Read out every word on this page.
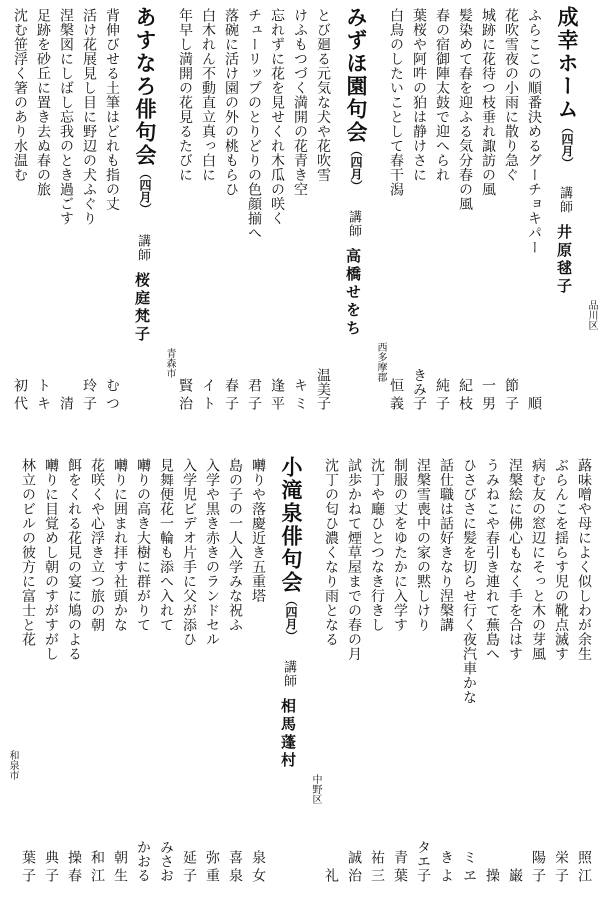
成幸ホーム（四月）
講師井原毬子
品川区
ふらここの順番決めるグーチョキパー
順
花吹雪夜の小雨に散り急ぐ
節子
城跡に花待つ枝垂れ諏訪の風
一男
髪染めて春を迎ふる気分春の風
紀枝
春の宿御陣太鼓で迎へられ
純子
葉桜や阿吽の狛は静けさに
きみ子
白鳥のしたいことして春干潟
恒義
みずほ園句会（四月）
講師高橋せをち
西多摩郡
とび廻る元気な犬や花吹雪
温美子
けふもつづく満開の花青き空
キミ
忘れずに花を見せくれ木瓜の咲く
逢平
チューリップのとりどりの色顔揃へ
君子
落碗に活け園の外の桃もらひ
春子
白木れん不動直立真っ白に
イト
年早し満開の花見るたびに
賢治
あすなろ俳句会（四月）
講師桜庭梵子
青森市
背伸びせる土筆はどれも指の丈
むつ
活け花展見し目に野辺の犬ふぐり
玲子
涅槃図にしばし忘我のとき過ごす
清
足跡を砂丘に置き去ぬ春の旅
トキ
沈む笹浮く箸のあり水温む
初代
蕗味噌や母によく似しわが余生
照江
ぶらんこを揺らす児の靴点滅す
栄子
病む友の窓辺にそっと木の芽風
陽子
涅槃絵に佛心もなく手を合はす
巌
うみねこや春引き連れて蕪島へ
操
ひさびさに髪を切らせ行く夜汽車かな
ミヱ
話仕職は話好きなり涅槃講
きよ
涅槃雪喪中の家の黙しけり
タエ子
制服の丈をゆたかに入学す
青葉
沈丁や廰ひとつなき行きし
祐三
試歩かねて煙草屋までの春の月
誠治
沈丁の匂ひ濃くなり雨となる
礼
小滝泉俳句会（四月）
講師相馬蓬村
中野区
囀りや落慶近き五重塔
泉女
島の子の一人入学みな祝ふ
喜泉
入学や黒き赤きのランドセル
弥重
入学児ビデオ片手に父が添ひ
延子
見舞便花一輪も添へ入れて
みさお
囀りの高き大樹に群がりて
かおる
囀りに囲まれ拝す社頭かな
朝生
花咲くや心浮き立つ旅の朝
和江
餌をくれる花見の宴に鳩のよる
操春
囀りに目覚めし朝のすがすがし
典子
林立のビルの彼方に富士と花
葉子
和泉市
